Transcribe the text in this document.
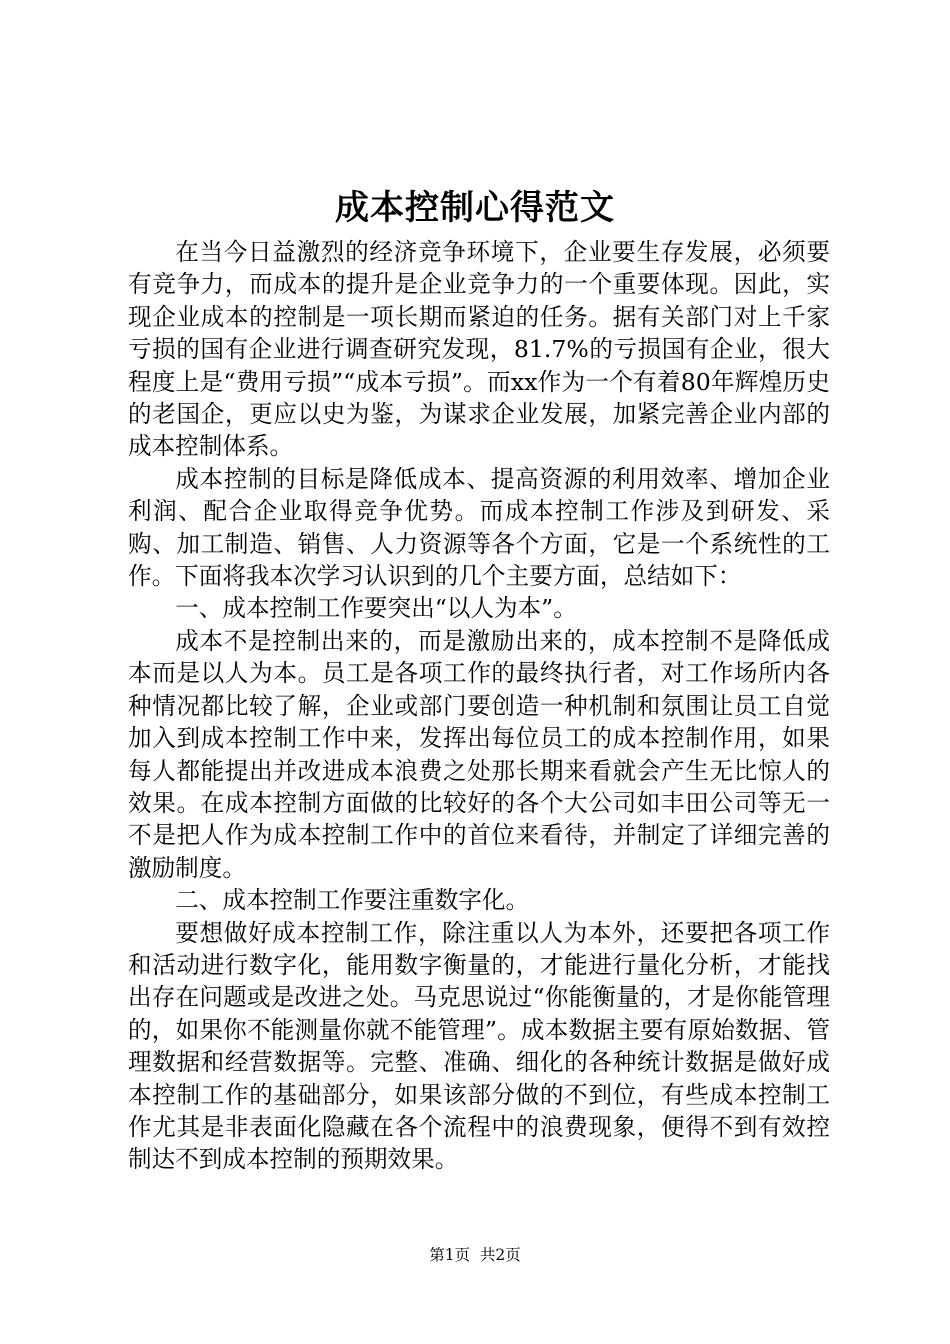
成本控制心得范文

在当今日益激烈的经济竞争环境下，企业要生存发展，必须要有竞争力，而成本的提升是企业竞争力的一个重要体现。因此，实现企业成本的控制是一项长期而紧迫的任务。据有关部门对上千家亏损的国有企业进行调查研究发现，81.7%的亏损国有企业，很大程度上是“费用亏损”“成本亏损”。而xx作为一个有着80年辉煌历史的老国企，更应以史为鉴，为谋求企业发展，加紧完善企业内部的成本控制体系。

成本控制的目标是降低成本、提高资源的利用效率、增加企业利润、配合企业取得竞争优势。而成本控制工作涉及到研发、采购、加工制造、销售、人力资源等各个方面，它是一个系统性的工作。下面将我本次学习认识到的几个主要方面，总结如下：

一、成本控制工作要突出“以人为本”。

成本不是控制出来的，而是激励出来的，成本控制不是降低成本而是以人为本。员工是各项工作的最终执行者，对工作场所内各种情况都比较了解，企业或部门要创造一种机制和氛围让员工自觉加入到成本控制工作中来，发挥出每位员工的成本控制作用，如果每人都能提出并改进成本浪费之处那长期来看就会产生无比惊人的效果。在成本控制方面做的比较好的各个大公司如丰田公司等无一不是把人作为成本控制工作中的首位来看待，并制定了详细完善的激励制度。

二、成本控制工作要注重数字化。

要想做好成本控制工作，除注重以人为本外，还要把各项工作和活动进行数字化，能用数字衡量的，才能进行量化分析，才能找出存在问题或是改进之处。马克思说过“你能衡量的，才是你能管理的，如果你不能测量你就不能管理”。成本数据主要有原始数据、管理数据和经营数据等。完整、准确、细化的各种统计数据是做好成本控制工作的基础部分，如果该部分做的不到位，有些成本控制工作尤其是非表面化隐藏在各个流程中的浪费现象，便得不到有效控制达不到成本控制的预期效果。

第1页  共2页
